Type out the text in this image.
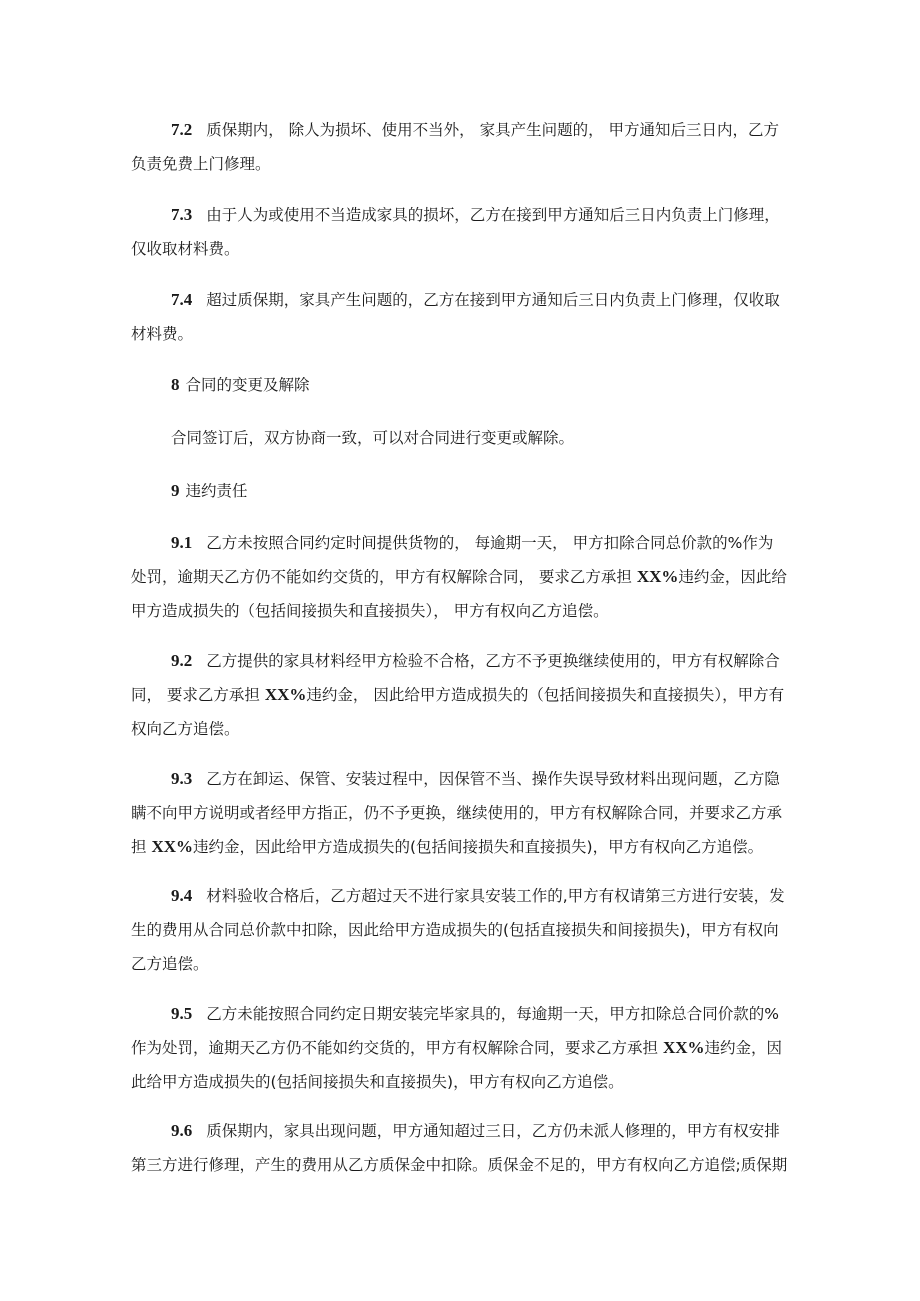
7.2 质保期内， 除人为损坏、使用不当外， 家具产生问题的， 甲方通知后三日内，乙方
负责免费上门修理。

7.3 由于人为或使用不当造成家具的损坏，乙方在接到甲方通知后三日内负责上门修理，
仅收取材料费。

7.4 超过质保期，家具产生问题的，乙方在接到甲方通知后三日内负责上门修理，仅收取
材料费。

8 合同的变更及解除

合同签订后，双方协商一致，可以对合同进行变更或解除。

9 违约责任

9.1 乙方未按照合同约定时间提供货物的， 每逾期一天， 甲方扣除合同总价款的%作为
处罚，逾期天乙方仍不能如约交货的，甲方有权解除合同， 要求乙方承担 XX%违约金，因此给
甲方造成损失的（包括间接损失和直接损失）， 甲方有权向乙方追偿。

9.2 乙方提供的家具材料经甲方检验不合格，乙方不予更换继续使用的，甲方有权解除合
同， 要求乙方承担 XX%违约金， 因此给甲方造成损失的（包括间接损失和直接损失），甲方有
权向乙方追偿。

9.3 乙方在卸运、保管、安装过程中，因保管不当、操作失误导致材料出现问题，乙方隐
瞒不向甲方说明或者经甲方指正，仍不予更换，继续使用的，甲方有权解除合同，并要求乙方承
担 XX%违约金，因此给甲方造成损失的(包括间接损失和直接损失)，甲方有权向乙方追偿。

9.4 材料验收合格后，乙方超过天不进行家具安装工作的,甲方有权请第三方进行安装，发
生的费用从合同总价款中扣除，因此给甲方造成损失的(包括直接损失和间接损失)，甲方有权向
乙方追偿。

9.5 乙方未能按照合同约定日期安装完毕家具的，每逾期一天，甲方扣除总合同价款的%
作为处罚，逾期天乙方仍不能如约交货的，甲方有权解除合同，要求乙方承担 XX%违约金，因
此给甲方造成损失的(包括间接损失和直接损失)，甲方有权向乙方追偿。

9.6 质保期内，家具出现问题，甲方通知超过三日，乙方仍未派人修理的，甲方有权安排
第三方进行修理，产生的费用从乙方质保金中扣除。质保金不足的，甲方有权向乙方追偿;质保期
